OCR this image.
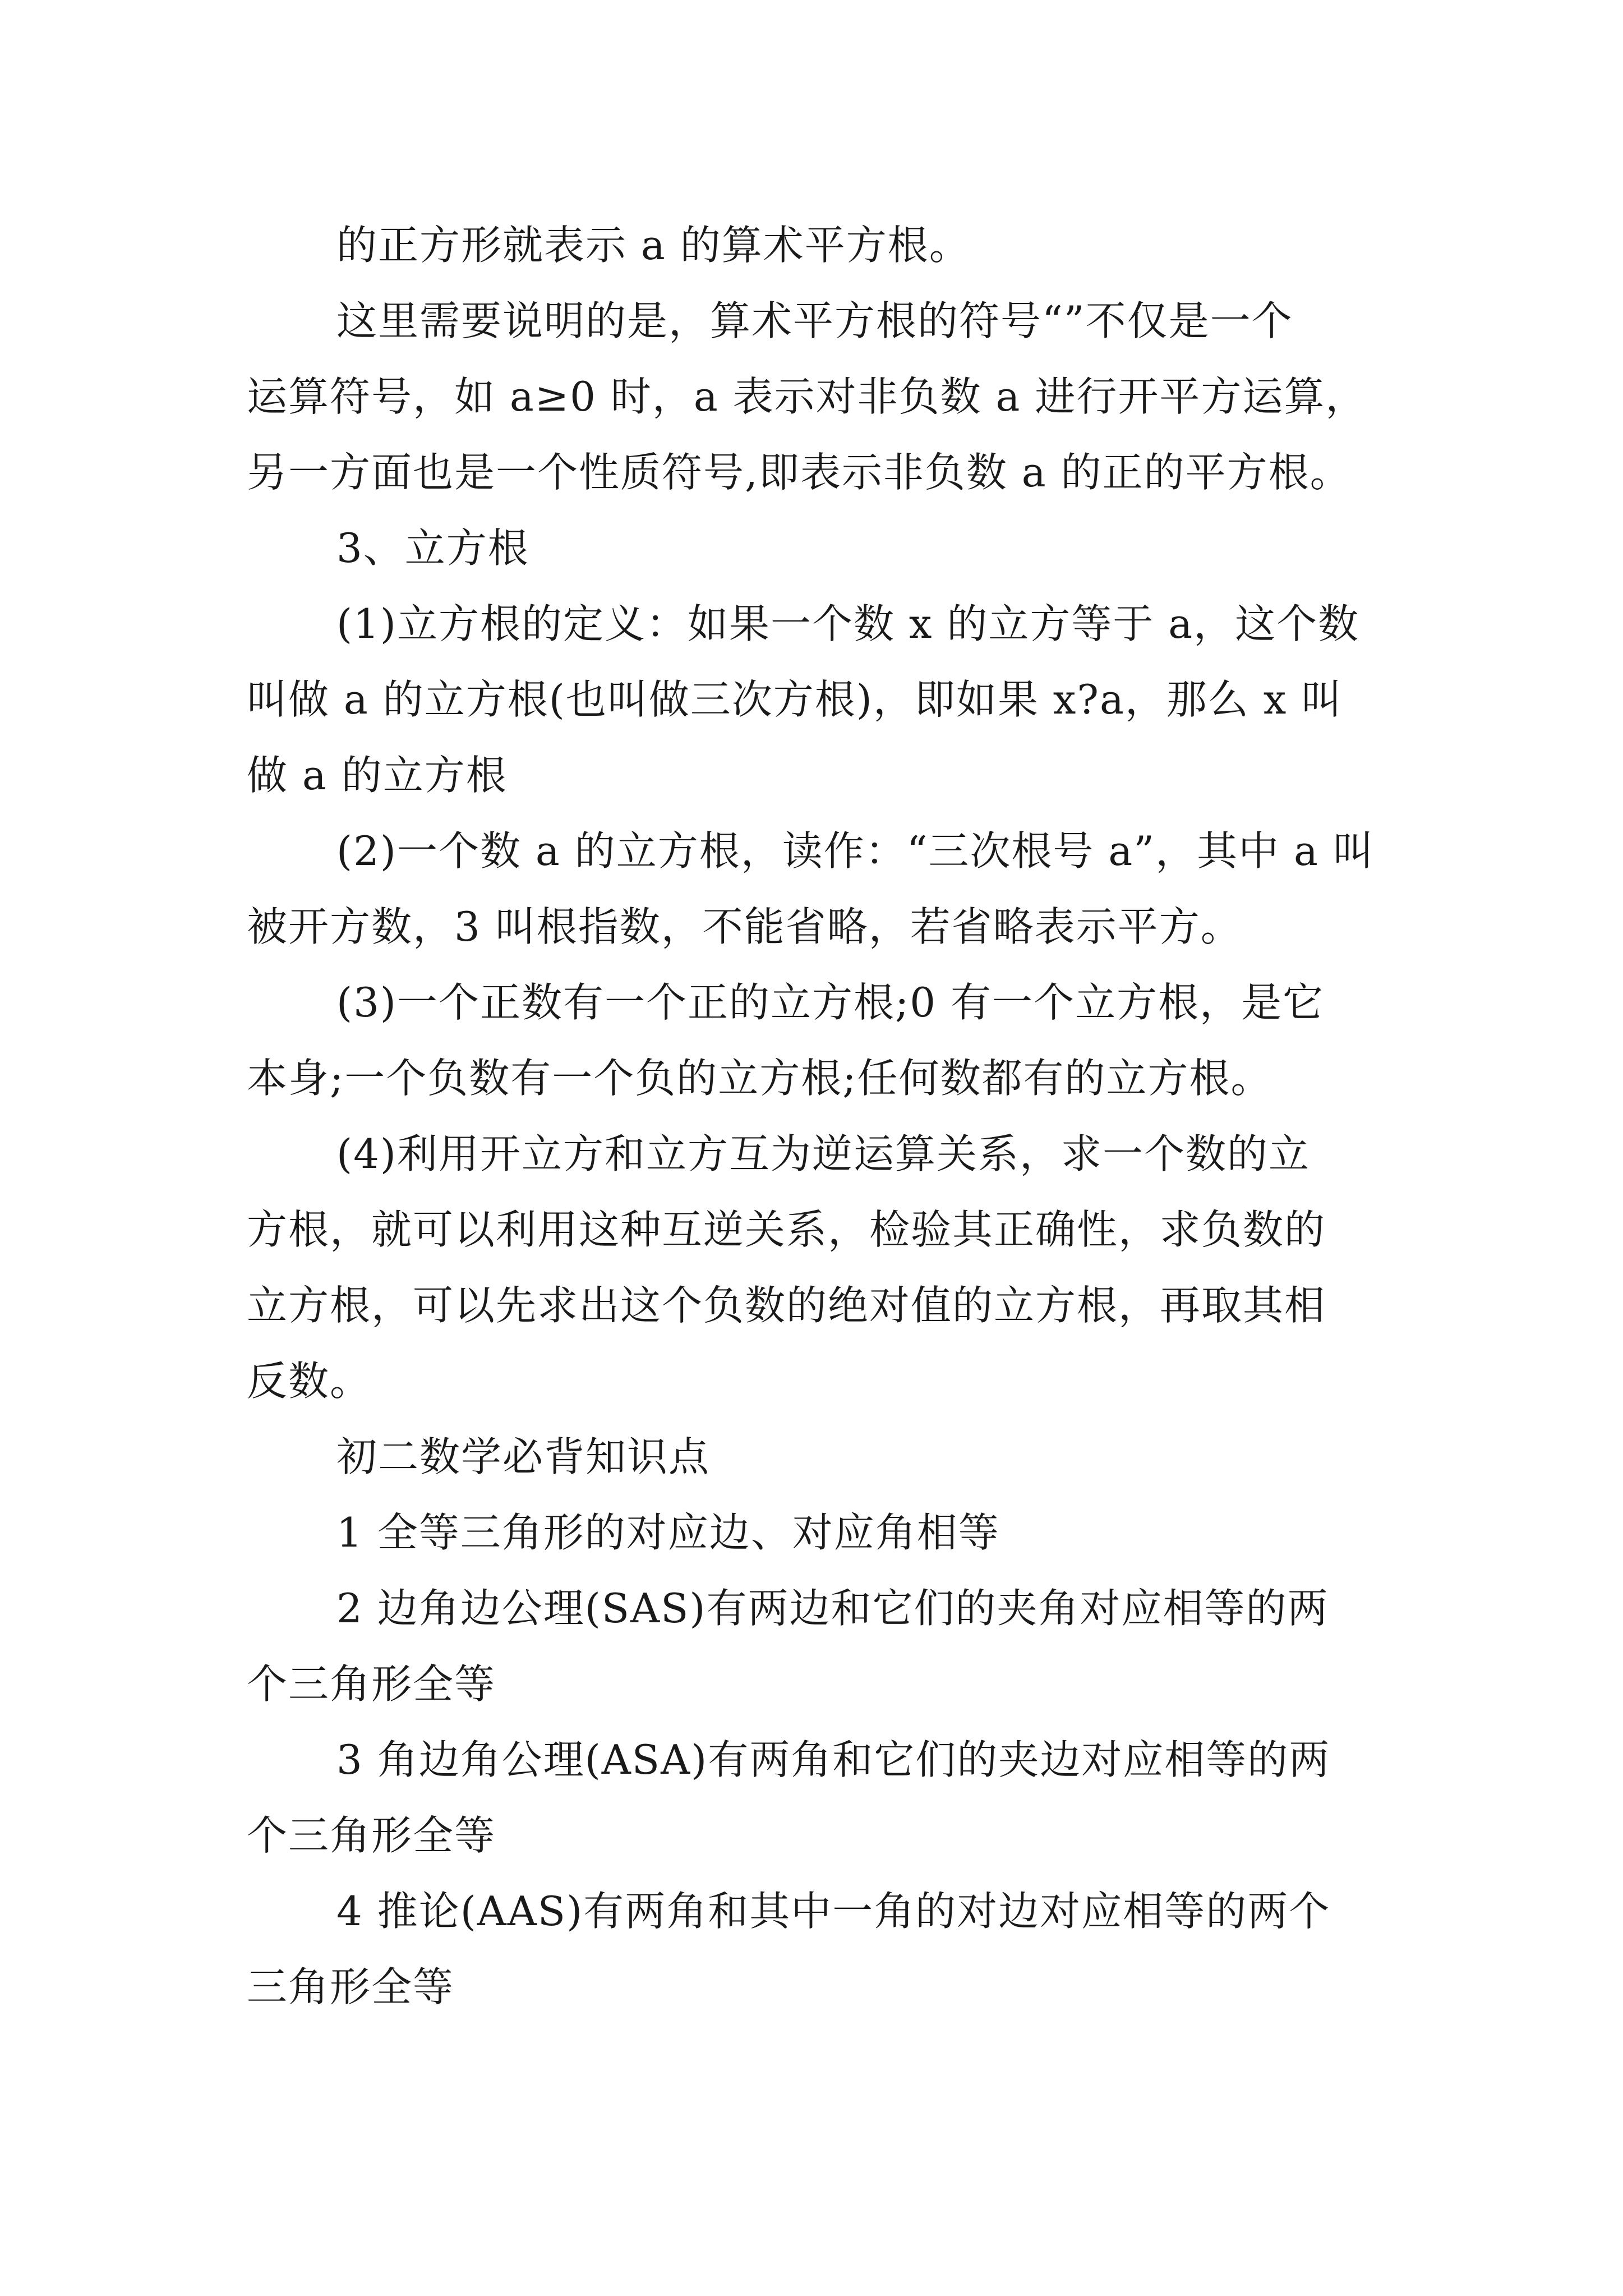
的正方形就表示 a 的算术平方根。
这里需要说明的是，算术平方根的符号“”不仅是一个
运算符号，如 a≥0 时，a 表示对非负数 a 进行开平方运算，
另一方面也是一个性质符号,即表示非负数 a 的正的平方根。
3、立方根
(1)立方根的定义：如果一个数 x 的立方等于 a，这个数
叫做 a 的立方根(也叫做三次方根)，即如果 x?a，那么 x 叫
做 a 的立方根
(2)一个数 a 的立方根，读作：“三次根号 a”，其中 a 叫
被开方数，3 叫根指数，不能省略，若省略表示平方。
(3)一个正数有一个正的立方根;0 有一个立方根，是它
本身;一个负数有一个负的立方根;任何数都有的立方根。
(4)利用开立方和立方互为逆运算关系，求一个数的立
方根，就可以利用这种互逆关系，检验其正确性，求负数的
立方根，可以先求出这个负数的绝对值的立方根，再取其相
反数。
初二数学必背知识点
1 全等三角形的对应边、对应角相等
2 边角边公理(SAS)有两边和它们的夹角对应相等的两
个三角形全等
3 角边角公理(ASA)有两角和它们的夹边对应相等的两
个三角形全等
4 推论(AAS)有两角和其中一角的对边对应相等的两个
三角形全等
